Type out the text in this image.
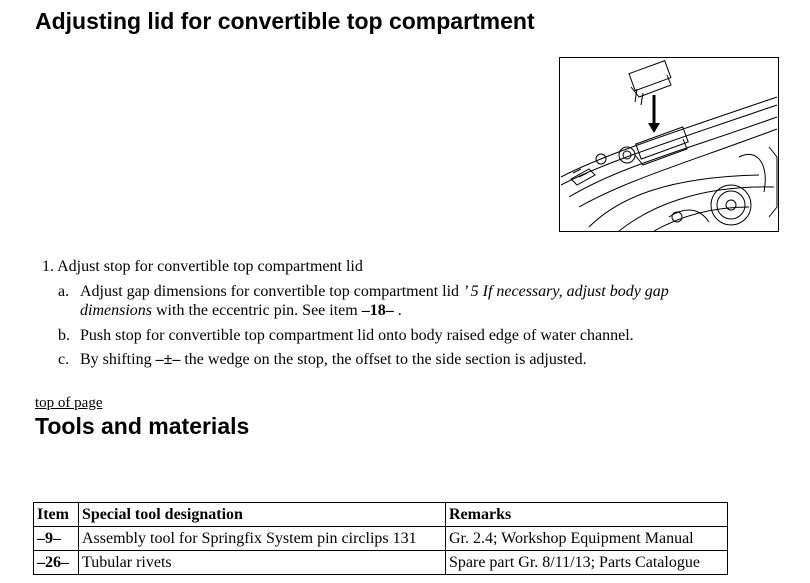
Adjusting lid for convertible top compartment
1. Adjust stop for convertible top compartment lid
a. Adjust gap dimensions for convertible top compartment lid ’ 5 If necessary, adjust body gap
dimensions with the eccentric pin. See item –18– .
b. Push stop for convertible top compartment lid onto body raised edge of water channel.
c. By shifting –±– the wedge on the stop, the offset to the side section is adjusted.
top of page
Tools and materials
Item	Special tool designation	Remarks
–9–	Assembly tool for Springfix System pin circlips 131	Gr. 2.4; Workshop Equipment Manual
–26–	Tubular rivets	Spare part Gr. 8/11/13; Parts Catalogue
